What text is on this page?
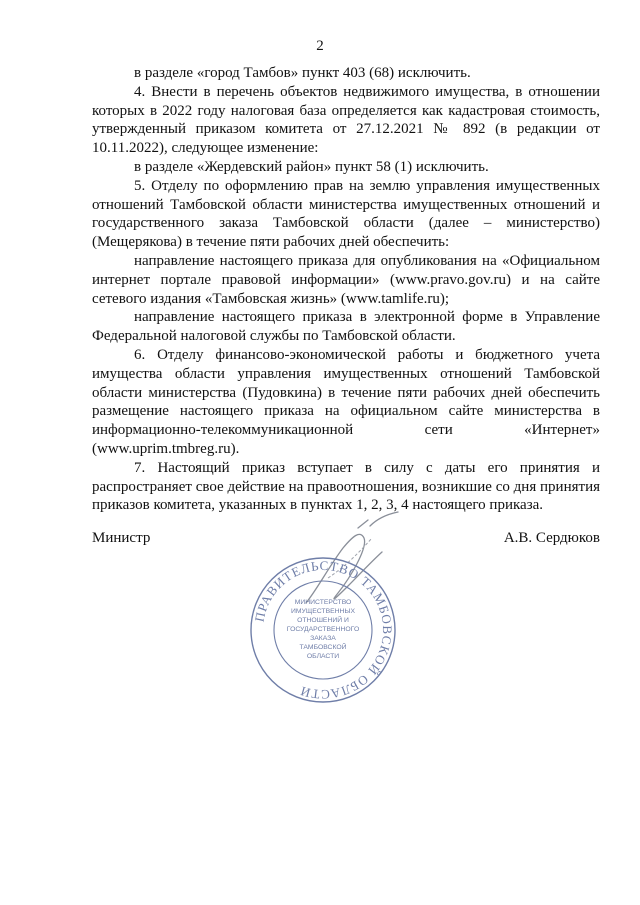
2

в разделе «город Тамбов» пункт 403 (68) исключить.

4. Внести в перечень объектов недвижимого имущества, в отношении которых в 2022 году налоговая база определяется как кадастровая стоимость, утвержденный приказом комитета от 27.12.2021 № 892 (в редакции от 10.11.2022), следующее изменение:

в разделе «Жердевский район» пункт 58 (1) исключить.

5. Отделу по оформлению прав на землю управления имущественных отношений Тамбовской области министерства имущественных отношений и государственного заказа Тамбовской области (далее – министерство) (Мещерякова) в течение пяти рабочих дней обеспечить:

направление настоящего приказа для опубликования на «Официальном интернет портале правовой информации» (www.pravo.gov.ru) и на сайте сетевого издания «Тамбовская жизнь» (www.tamlife.ru);

направление настоящего приказа в электронной форме в Управление Федеральной налоговой службы по Тамбовской области.

6. Отделу финансово-экономической работы и бюджетного учета имущества области управления имущественных отношений Тамбовской области министерства (Пудовкина) в течение пяти рабочих дней обеспечить размещение настоящего приказа на официальном сайте министерства в информационно-телекоммуникационной сети «Интернет» (www.uprim.tmbreg.ru).

7. Настоящий приказ вступает в силу с даты его принятия и распространяет свое действие на правоотношения, возникшие со дня принятия приказов комитета, указанных в пунктах 1, 2, 3, 4 настоящего приказа.

Министр	А.В. Сердюков
ПРАВИТЕЛЬСТВО ТАМБОВСКОЙ ОБЛАСТИ
МИНИСТЕРСТВО
ИМУЩЕСТВЕННЫХ
ОТНОШЕНИЙ И
ГОСУДАРСТВЕННОГО
ЗАКАЗА
ТАМБОВСКОЙ
ОБЛАСТИ
